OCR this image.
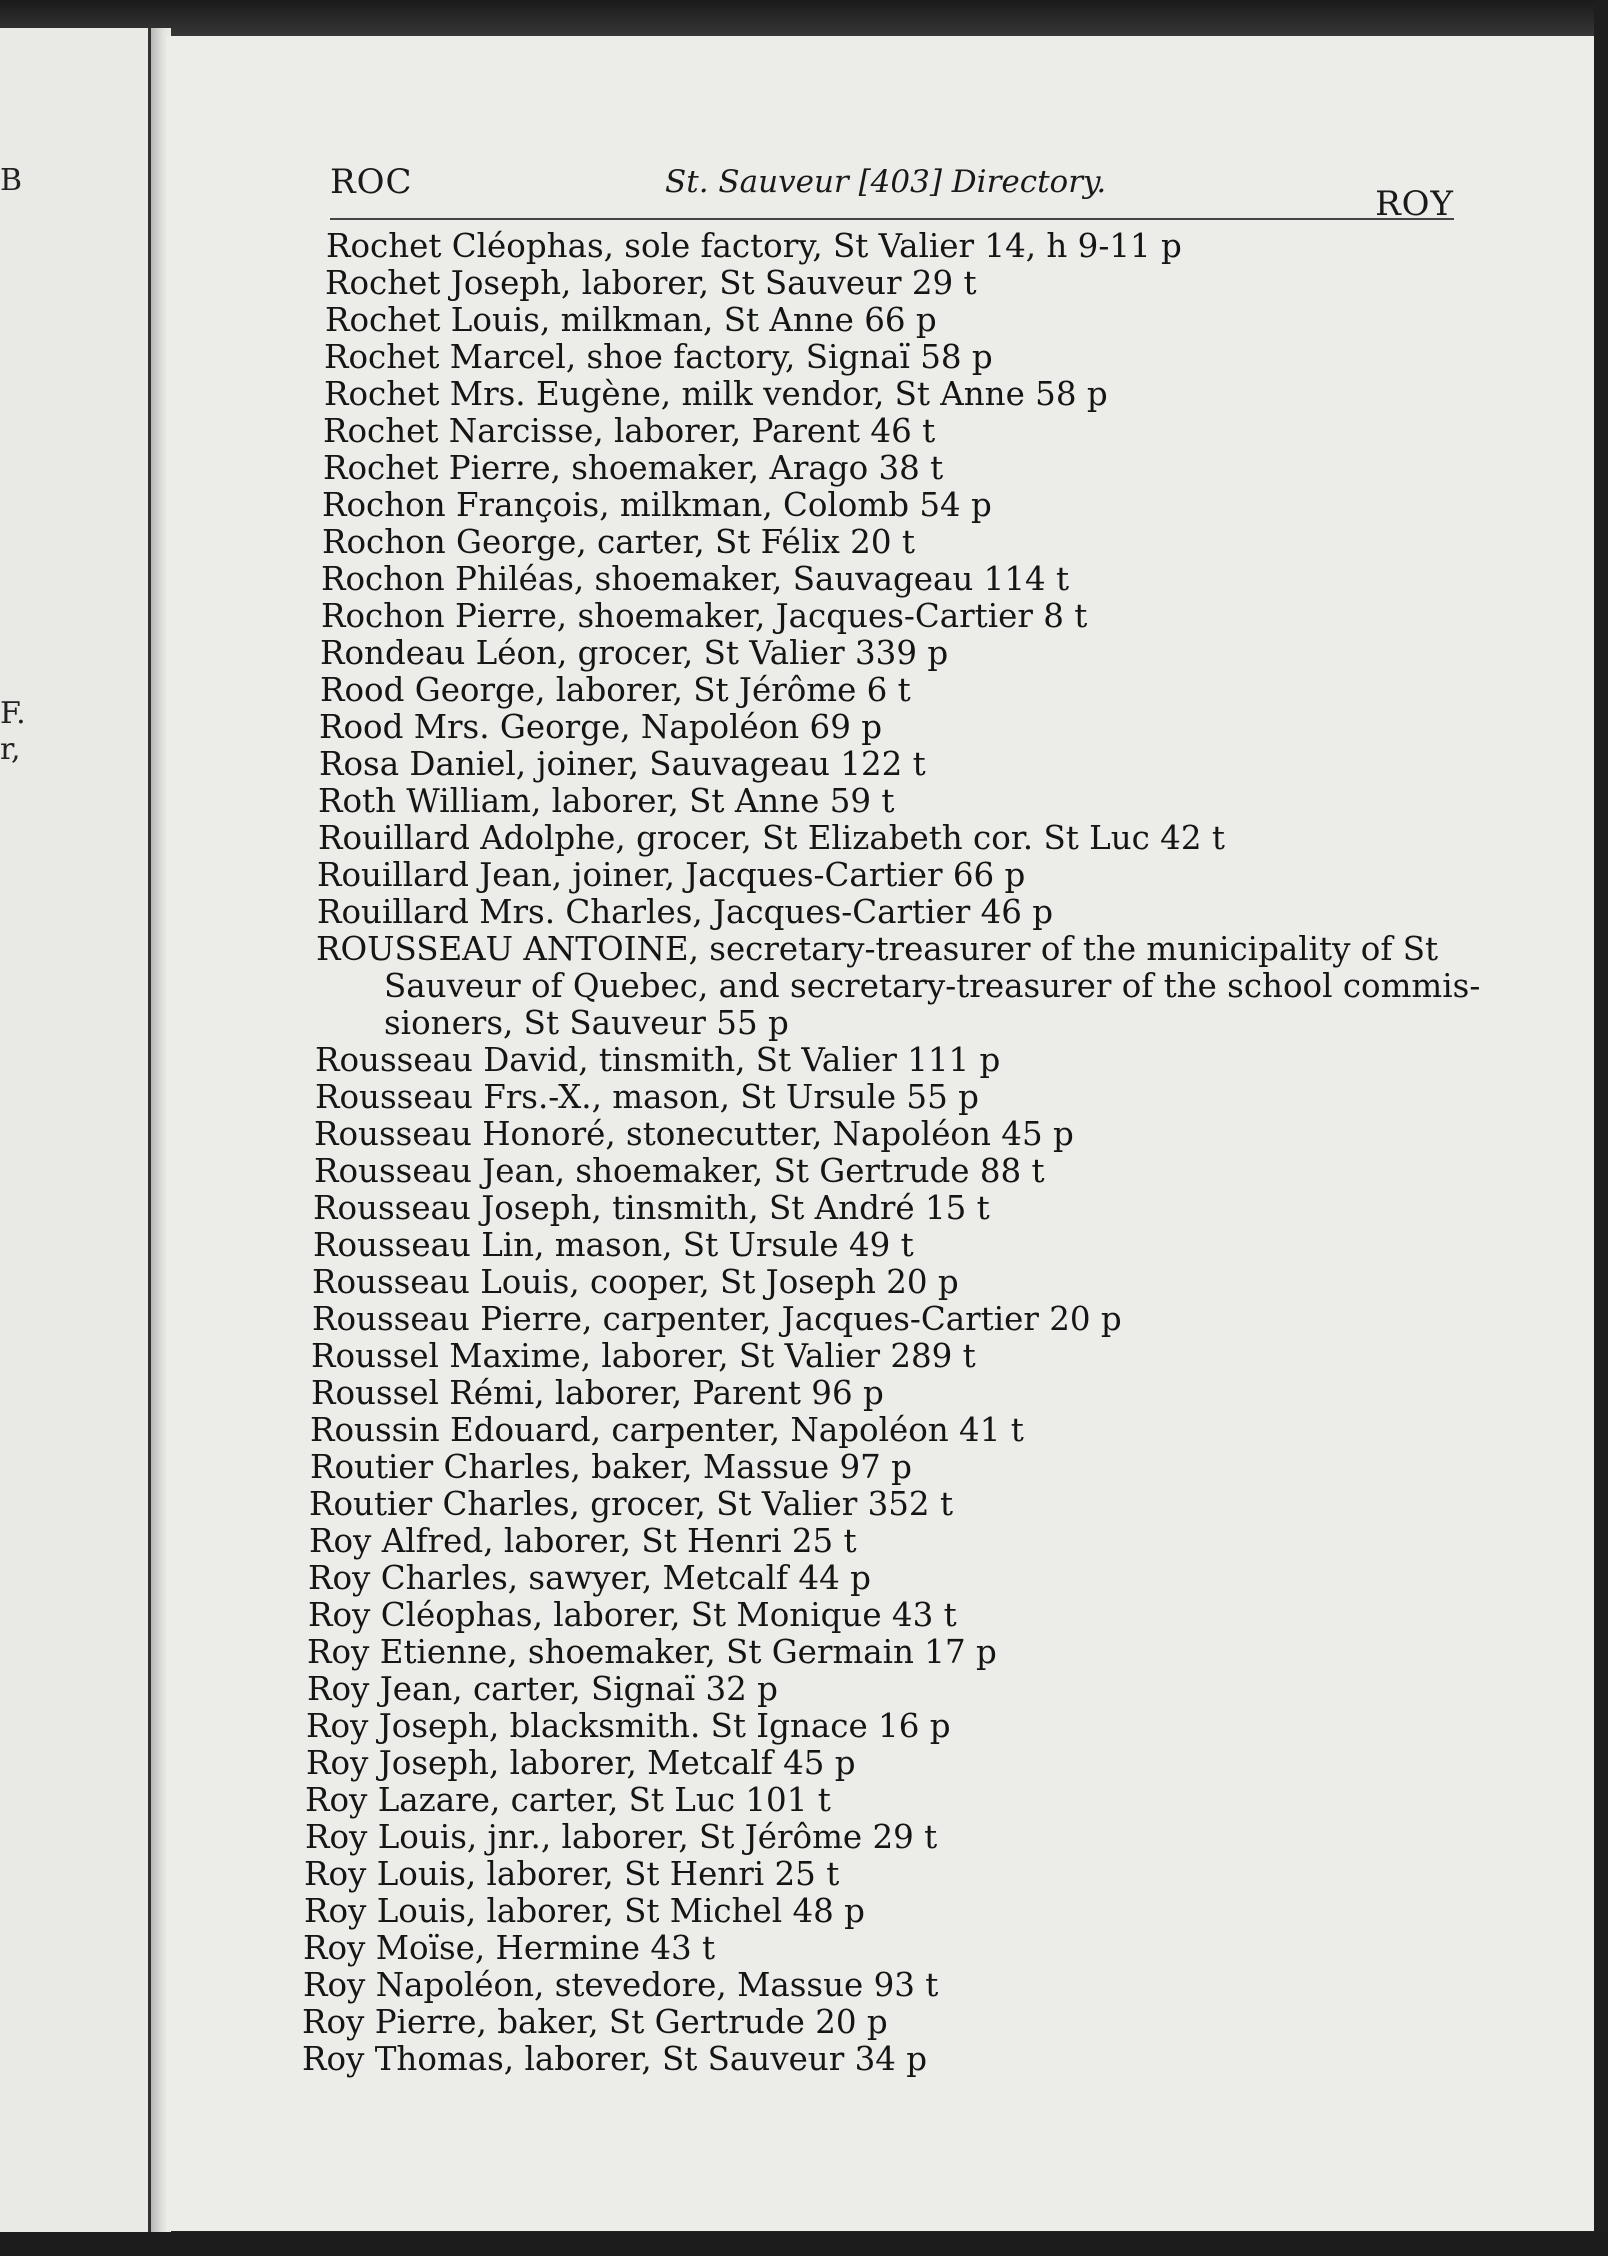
B
F.
r,
ROC	St. Sauveur [403] Directory.
ROY
Rochet Cléophas, sole factory, St Valier 14, h 9-11 p
Rochet Joseph, laborer, St Sauveur 29 t
Rochet Louis, milkman, St Anne 66 p
Rochet Marcel, shoe factory, Signaï 58 p
Rochet Mrs. Eugène, milk vendor, St Anne 58 p
Rochet Narcisse, laborer, Parent 46 t
Rochet Pierre, shoemaker, Arago 38 t
Rochon François, milkman, Colomb 54 p
Rochon George, carter, St Félix 20 t
Rochon Philéas, shoemaker, Sauvageau 114 t
Rochon Pierre, shoemaker, Jacques-Cartier 8 t
Rondeau Léon, grocer, St Valier 339 p
Rood George, laborer, St Jérôme 6 t
Rood Mrs. George, Napoléon 69 p
Rosa Daniel, joiner, Sauvageau 122 t
Roth William, laborer, St Anne 59 t
Rouillard Adolphe, grocer, St Elizabeth cor. St Luc 42 t
Rouillard Jean, joiner, Jacques-Cartier 66 p
Rouillard Mrs. Charles, Jacques-Cartier 46 p
ROUSSEAU ANTOINE, secretary-treasurer of the municipality of St
Sauveur of Quebec, and secretary-treasurer of the school commis-
sioners, St Sauveur 55 p
Rousseau David, tinsmith, St Valier 111 p
Rousseau Frs.-X., mason, St Ursule 55 p
Rousseau Honoré, stonecutter, Napoléon 45 p
Rousseau Jean, shoemaker, St Gertrude 88 t
Rousseau Joseph, tinsmith, St André 15 t
Rousseau Lin, mason, St Ursule 49 t
Rousseau Louis, cooper, St Joseph 20 p
Rousseau Pierre, carpenter, Jacques-Cartier 20 p
Roussel Maxime, laborer, St Valier 289 t
Roussel Rémi, laborer, Parent 96 p
Roussin Edouard, carpenter, Napoléon 41 t
Routier Charles, baker, Massue 97 p
Routier Charles, grocer, St Valier 352 t
Roy Alfred, laborer, St Henri 25 t
Roy Charles, sawyer, Metcalf 44 p
Roy Cléophas, laborer, St Monique 43 t
Roy Etienne, shoemaker, St Germain 17 p
Roy Jean, carter, Signaï 32 p
Roy Joseph, blacksmith. St Ignace 16 p
Roy Joseph, laborer, Metcalf 45 p
Roy Lazare, carter, St Luc 101 t
Roy Louis, jnr., laborer, St Jérôme 29 t
Roy Louis, laborer, St Henri 25 t
Roy Louis, laborer, St Michel 48 p
Roy Moïse, Hermine 43 t
Roy Napoléon, stevedore, Massue 93 t
Roy Pierre, baker, St Gertrude 20 p
Roy Thomas, laborer, St Sauveur 34 p
